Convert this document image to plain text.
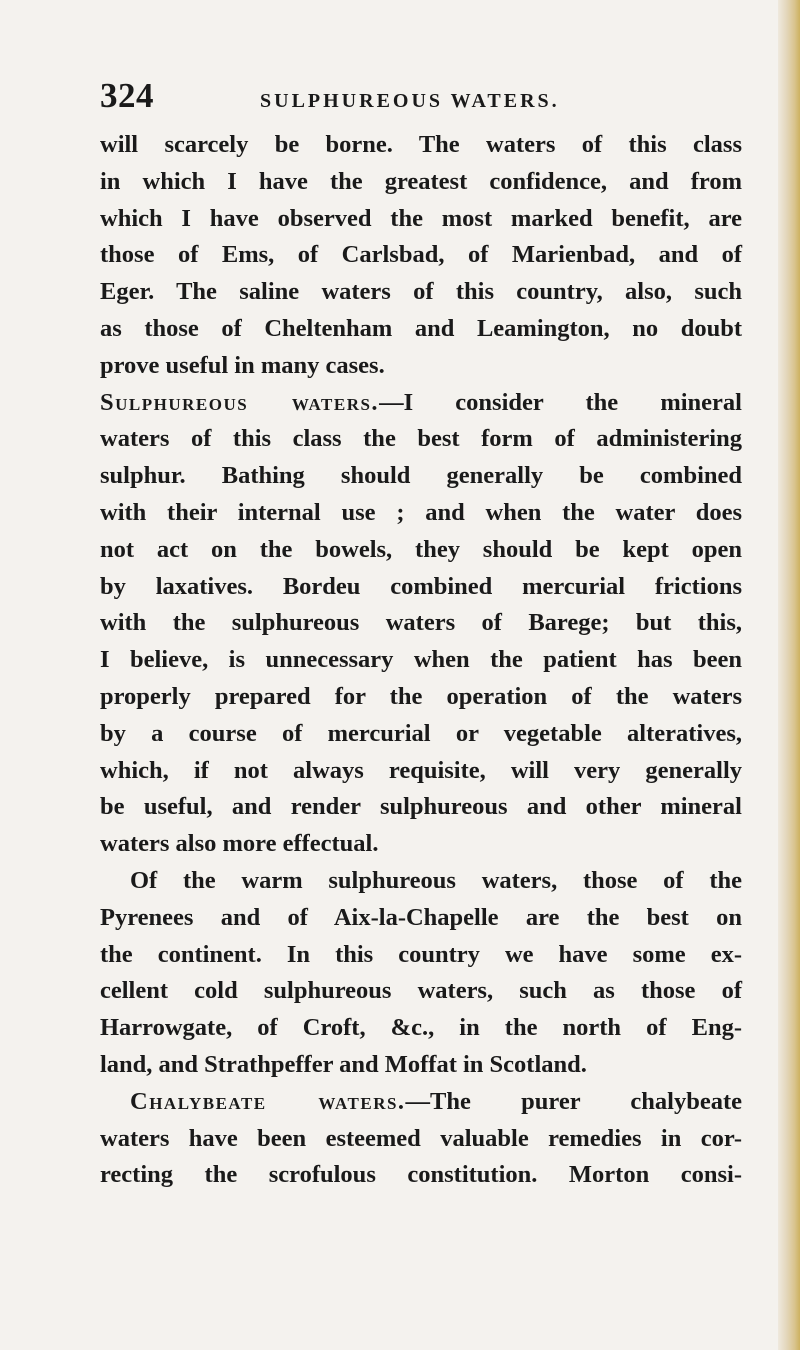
324	SULPHUREOUS WATERS.
will scarcely be borne. The waters of this class
in which I have the greatest confidence, and from
which I have observed the most marked benefit, are
those of Ems, of Carlsbad, of Marienbad, and of
Eger. The saline waters of this country, also, such
as those of Cheltenham and Leamington, no doubt
prove useful in many cases.
Sulphureous waters.—I consider the mineral
waters of this class the best form of administering
sulphur. Bathing should generally be combined
with their internal use ; and when the water does
not act on the bowels, they should be kept open
by laxatives. Bordeu combined mercurial frictions
with the sulphureous waters of Barege; but this,
I believe, is unnecessary when the patient has been
properly prepared for the operation of the waters
by a course of mercurial or vegetable alteratives,
which, if not always requisite, will very generally
be useful, and render sulphureous and other mineral
waters also more effectual.
Of the warm sulphureous waters, those of the
Pyrenees and of Aix-la-Chapelle are the best on
the continent. In this country we have some ex-
cellent cold sulphureous waters, such as those of
Harrowgate, of Croft, &c., in the north of Eng-
land, and Strathpeffer and Moffat in Scotland.
Chalybeate waters.—The purer chalybeate
waters have been esteemed valuable remedies in cor-
recting the scrofulous constitution. Morton consi-
